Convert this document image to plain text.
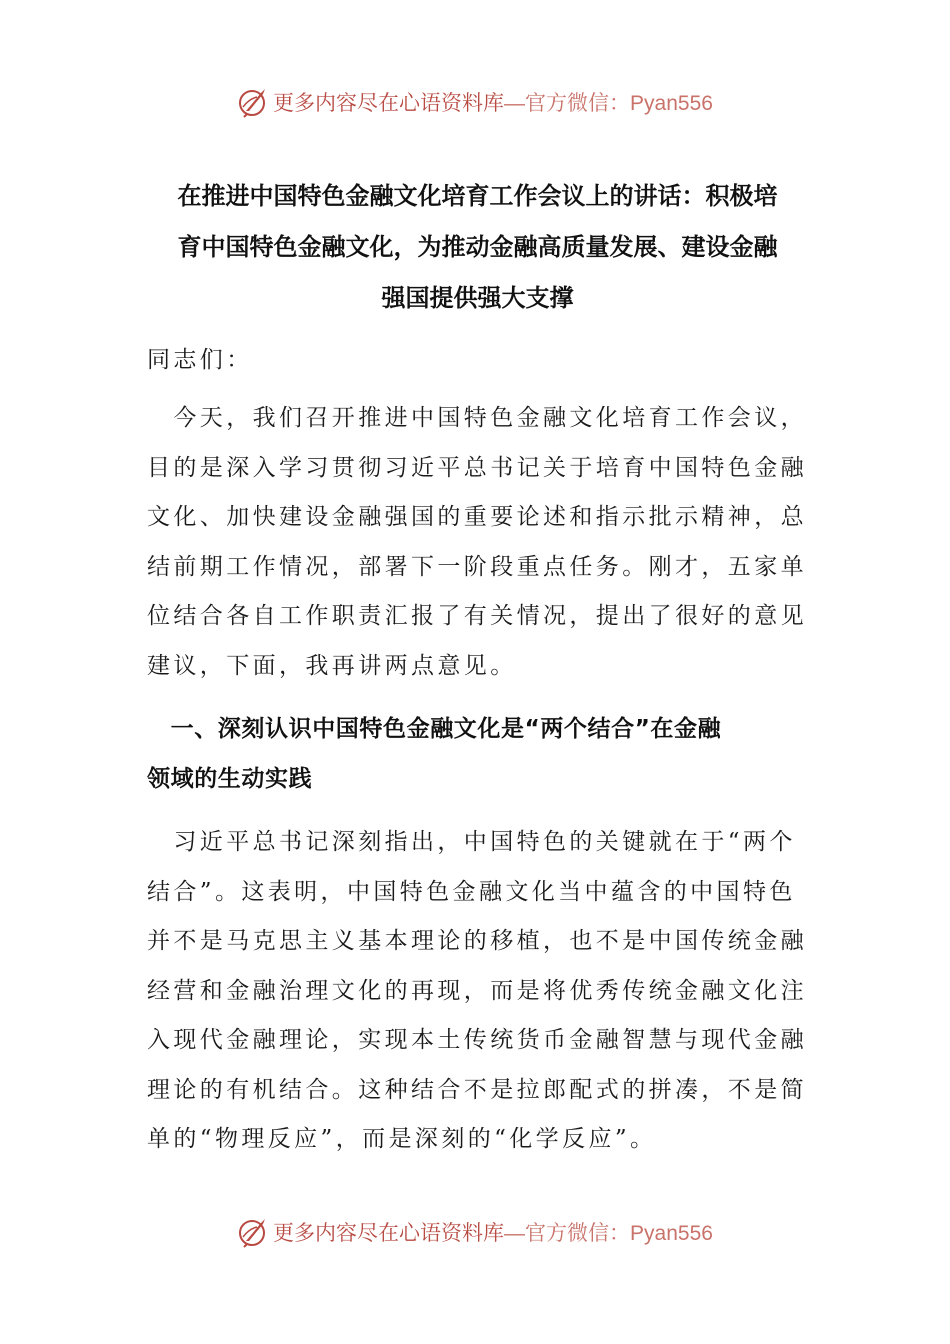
更多内容尽在心语资料库—官方微信：Pyan556
在推进中国特色金融文化培育工作会议上的讲话：积极培
育中国特色金融文化，为推动金融高质量发展、建设金融
强国提供强大支撑

同志们：

　今天，我们召开推进中国特色金融文化培育工作会议，
目的是深入学习贯彻习近平总书记关于培育中国特色金融
文化、加快建设金融强国的重要论述和指示批示精神，总
结前期工作情况，部署下一阶段重点任务。刚才，五家单
位结合各自工作职责汇报了有关情况，提出了很好的意见
建议，下面，我再讲两点意见。

　一、深刻认识中国特色金融文化是“两个结合”在金融
领域的生动实践

　习近平总书记深刻指出，中国特色的关键就在于“两个
结合”。这表明，中国特色金融文化当中蕴含的中国特色
并不是马克思主义基本理论的移植，也不是中国传统金融
经营和金融治理文化的再现，而是将优秀传统金融文化注
入现代金融理论，实现本土传统货币金融智慧与现代金融
理论的有机结合。这种结合不是拉郎配式的拼凑，不是简
单的“物理反应”，而是深刻的“化学反应”。

更多内容尽在心语资料库—官方微信：Pyan556
